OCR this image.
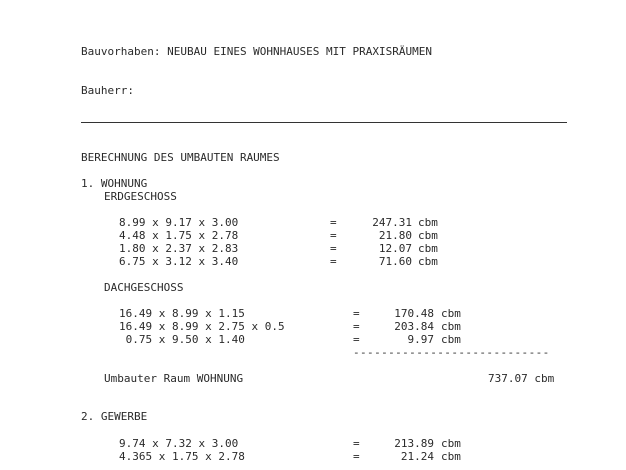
Bauvorhaben: NEUBAU EINES WOHNHAUSES MIT PRAXISRÄUMEN
Bauherr:
BERECHNUNG DES UMBAUTEN RAUMES
1. WOHNUNG
ERDGESCHOSS
8.99 x 9.17 x 3.00	=	247.31 cbm
4.48 x 1.75 x 2.78	=	21.80 cbm
1.80 x 2.37 x 2.83	=	12.07 cbm
6.75 x 3.12 x 3.40	=	71.60 cbm
DACHGESCHOSS
16.49 x 8.99 x 1.15	=	170.48 cbm
16.49 x 8.99 x 2.75 x 0.5	=	203.84 cbm
0.75 x 9.50 x 1.40	=	9.97 cbm
----------------------------
Umbauter Raum WOHNUNG	737.07 cbm
2. GEWERBE
9.74 x 7.32 x 3.00	=	213.89 cbm
4.365 x 1.75 x 2.78	=	21.24 cbm
